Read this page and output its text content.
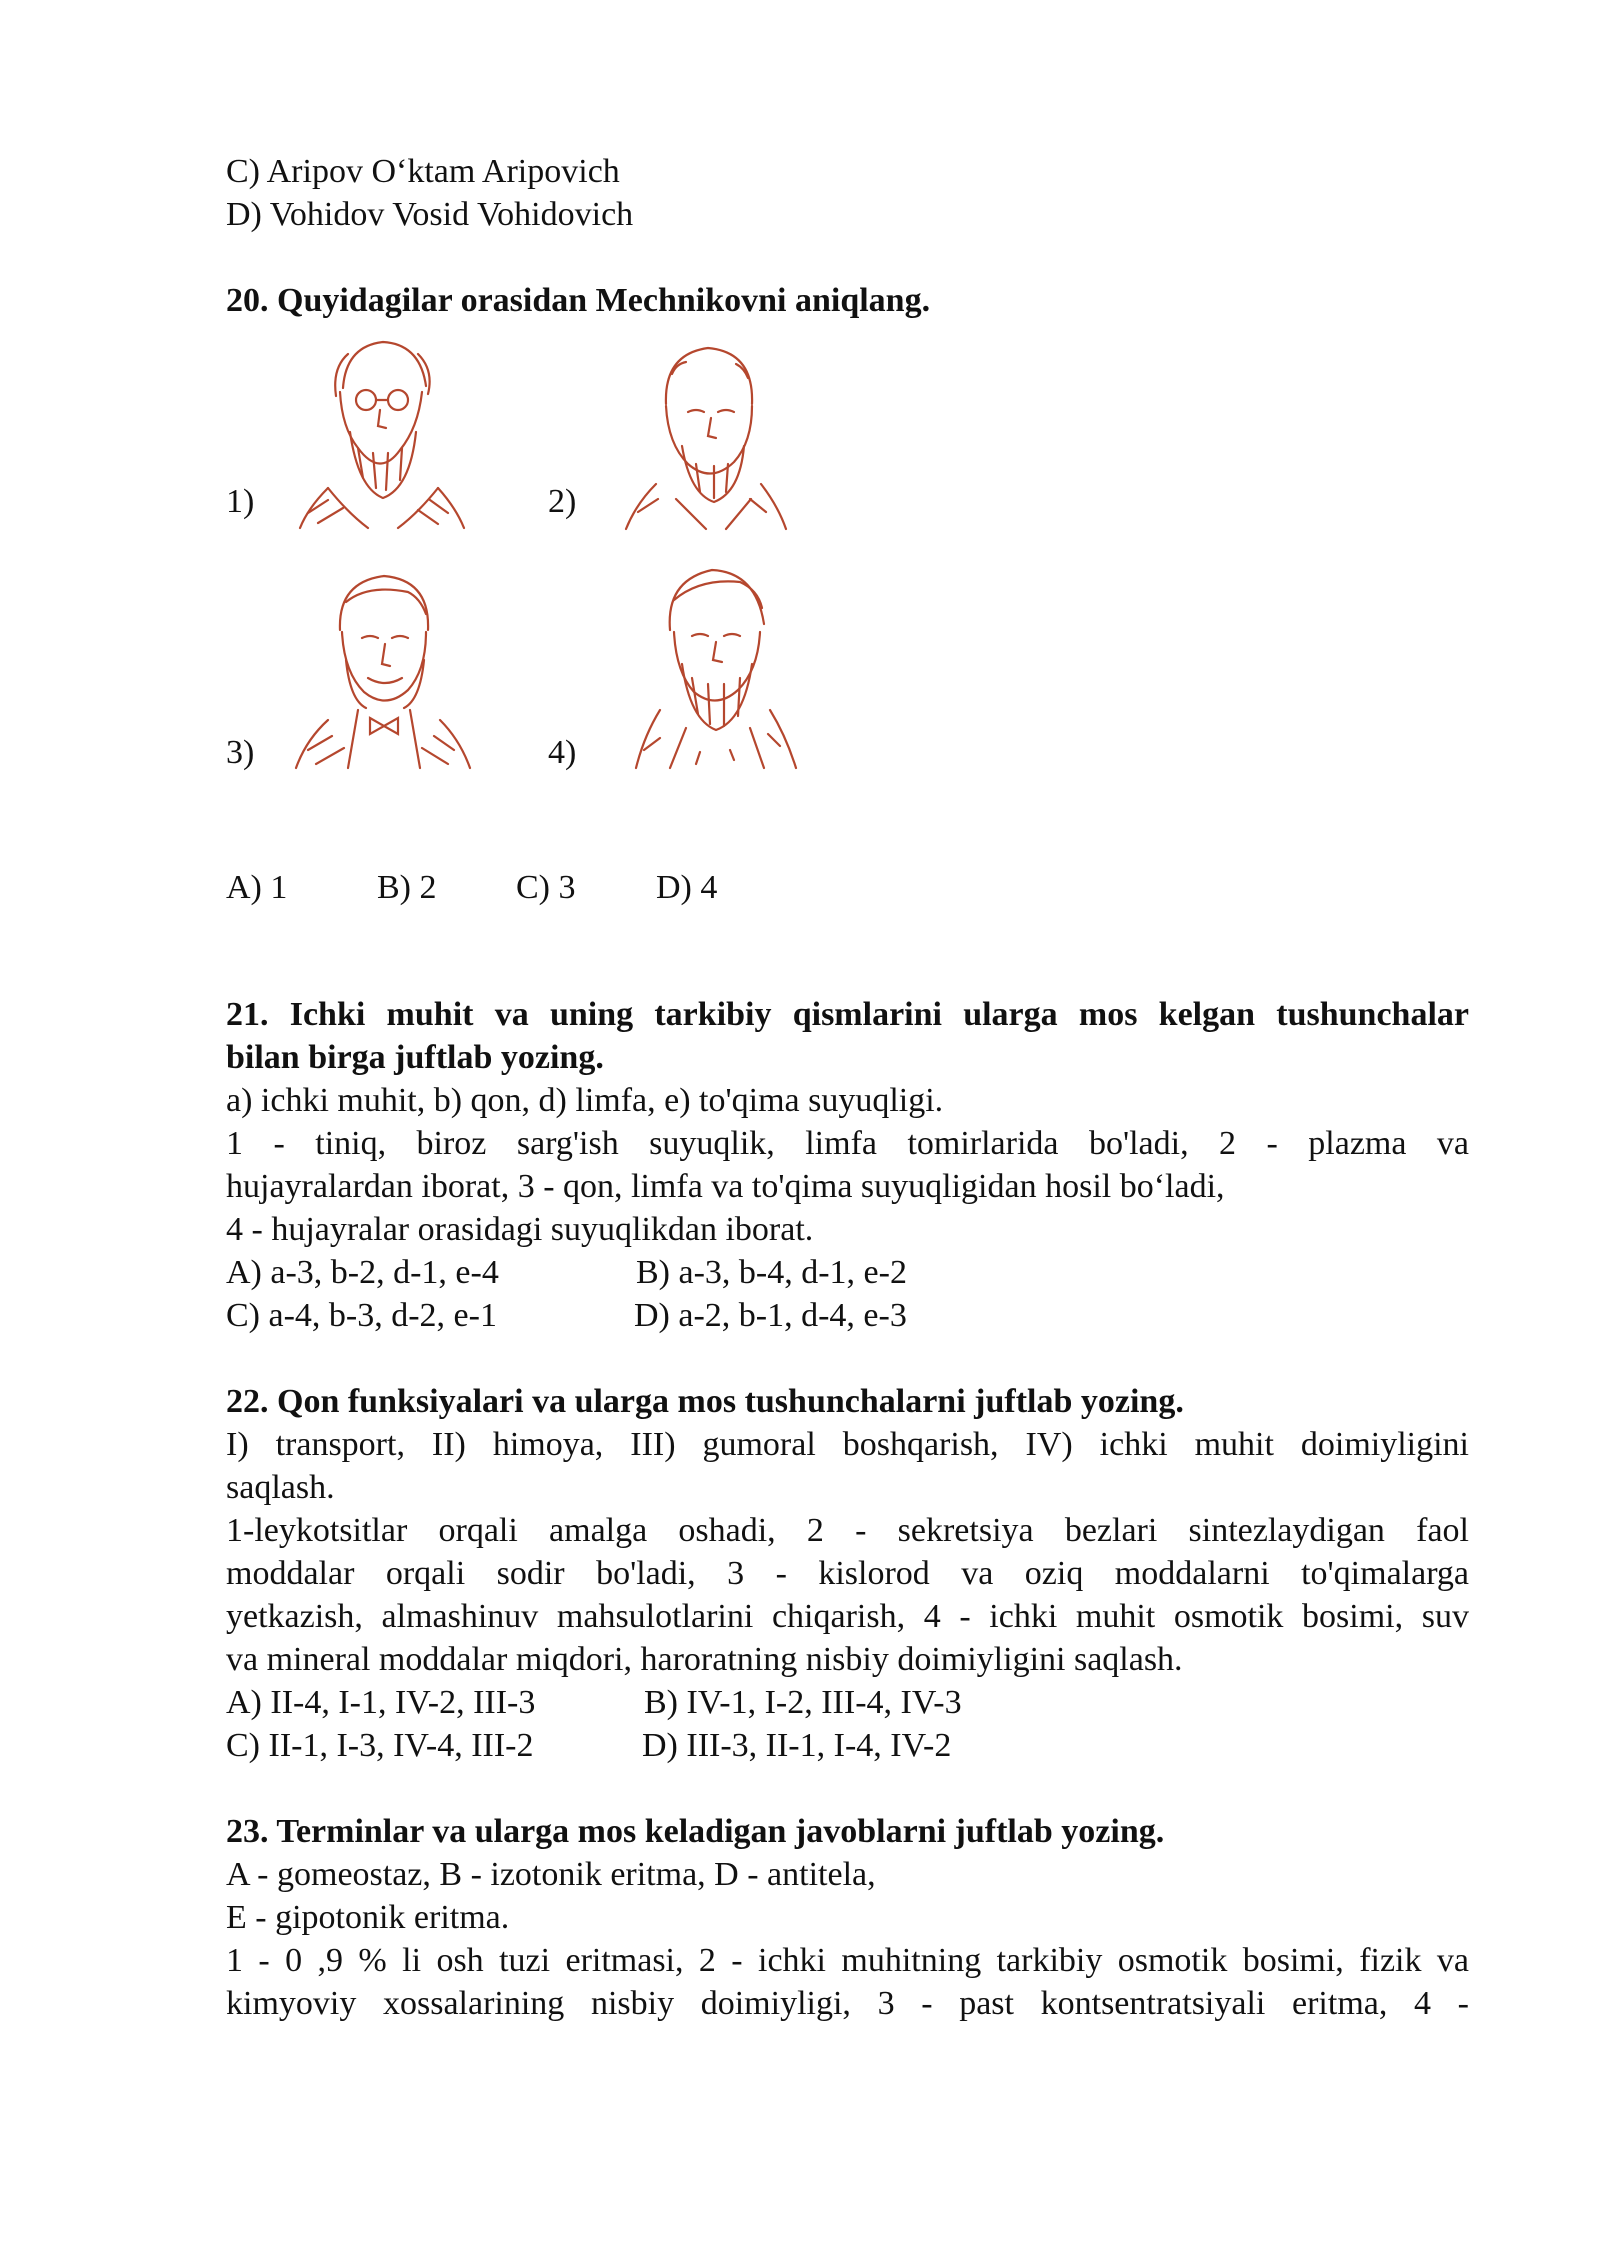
C) Aripov O‘ktam Aripovich
D) Vohidov Vosid Vohidovich
20. Quyidagilar orasidan Mechnikovni aniqlang.
1)	2)
3)	4)
A) 1	B) 2 C) 3 D) 4
21. Ichki muhit va uning tarkibiy qismlarini ularga mos kelgan tushunchalar
bilan birga juftlab yozing.
a) ichki muhit, b) qon, d) limfa, e) to'qima suyuqligi.
1 - tiniq, biroz sarg'ish suyuqlik, limfa tomirlarida bo'ladi, 2 - plazma va
hujayralardan iborat, 3 - qon, limfa va to'qima suyuqligidan hosil bo‘ladi,
4 - hujayralar orasidagi suyuqlikdan iborat.
A) a-3, b-2, d-1, e-4	B) a-3, b-4, d-1, e-2
C) a-4, b-3, d-2, e-1	D) a-2, b-1, d-4, e-3
22. Qon funksiyalari va ularga mos tushunchalarni juftlab yozing.
I) transport, II) himoya, III) gumoral boshqarish, IV) ichki muhit doimiyligini
saqlash.
1-leykotsitlar orqali amalga oshadi, 2 - sekretsiya bezlari sintezlaydigan faol
moddalar orqali sodir bo'ladi, 3 - kislorod va oziq moddalarni to'qimalarga
yetkazish, almashinuv mahsulotlarini chiqarish, 4 - ichki muhit osmotik bosimi, suv
va mineral moddalar miqdori, haroratning nisbiy doimiyligini saqlash.
A) II-4, I-1, IV-2, III-3	B) IV-1, I-2, III-4, IV-3
C) II-1, I-3, IV-4, III-2	D) III-3, II-1, I-4, IV-2
23. Terminlar va ularga mos keladigan javoblarni juftlab yozing.
A - gomeostaz, B - izotonik eritma, D - antitela,
E - gipotonik eritma.
1 - 0 ,9 % li osh tuzi eritmasi, 2 - ichki muhitning tarkibiy osmotik bosimi, fizik va
kimyoviy xossalarining nisbiy doimiyligi, 3 - past kontsentratsiyali eritma, 4 -
